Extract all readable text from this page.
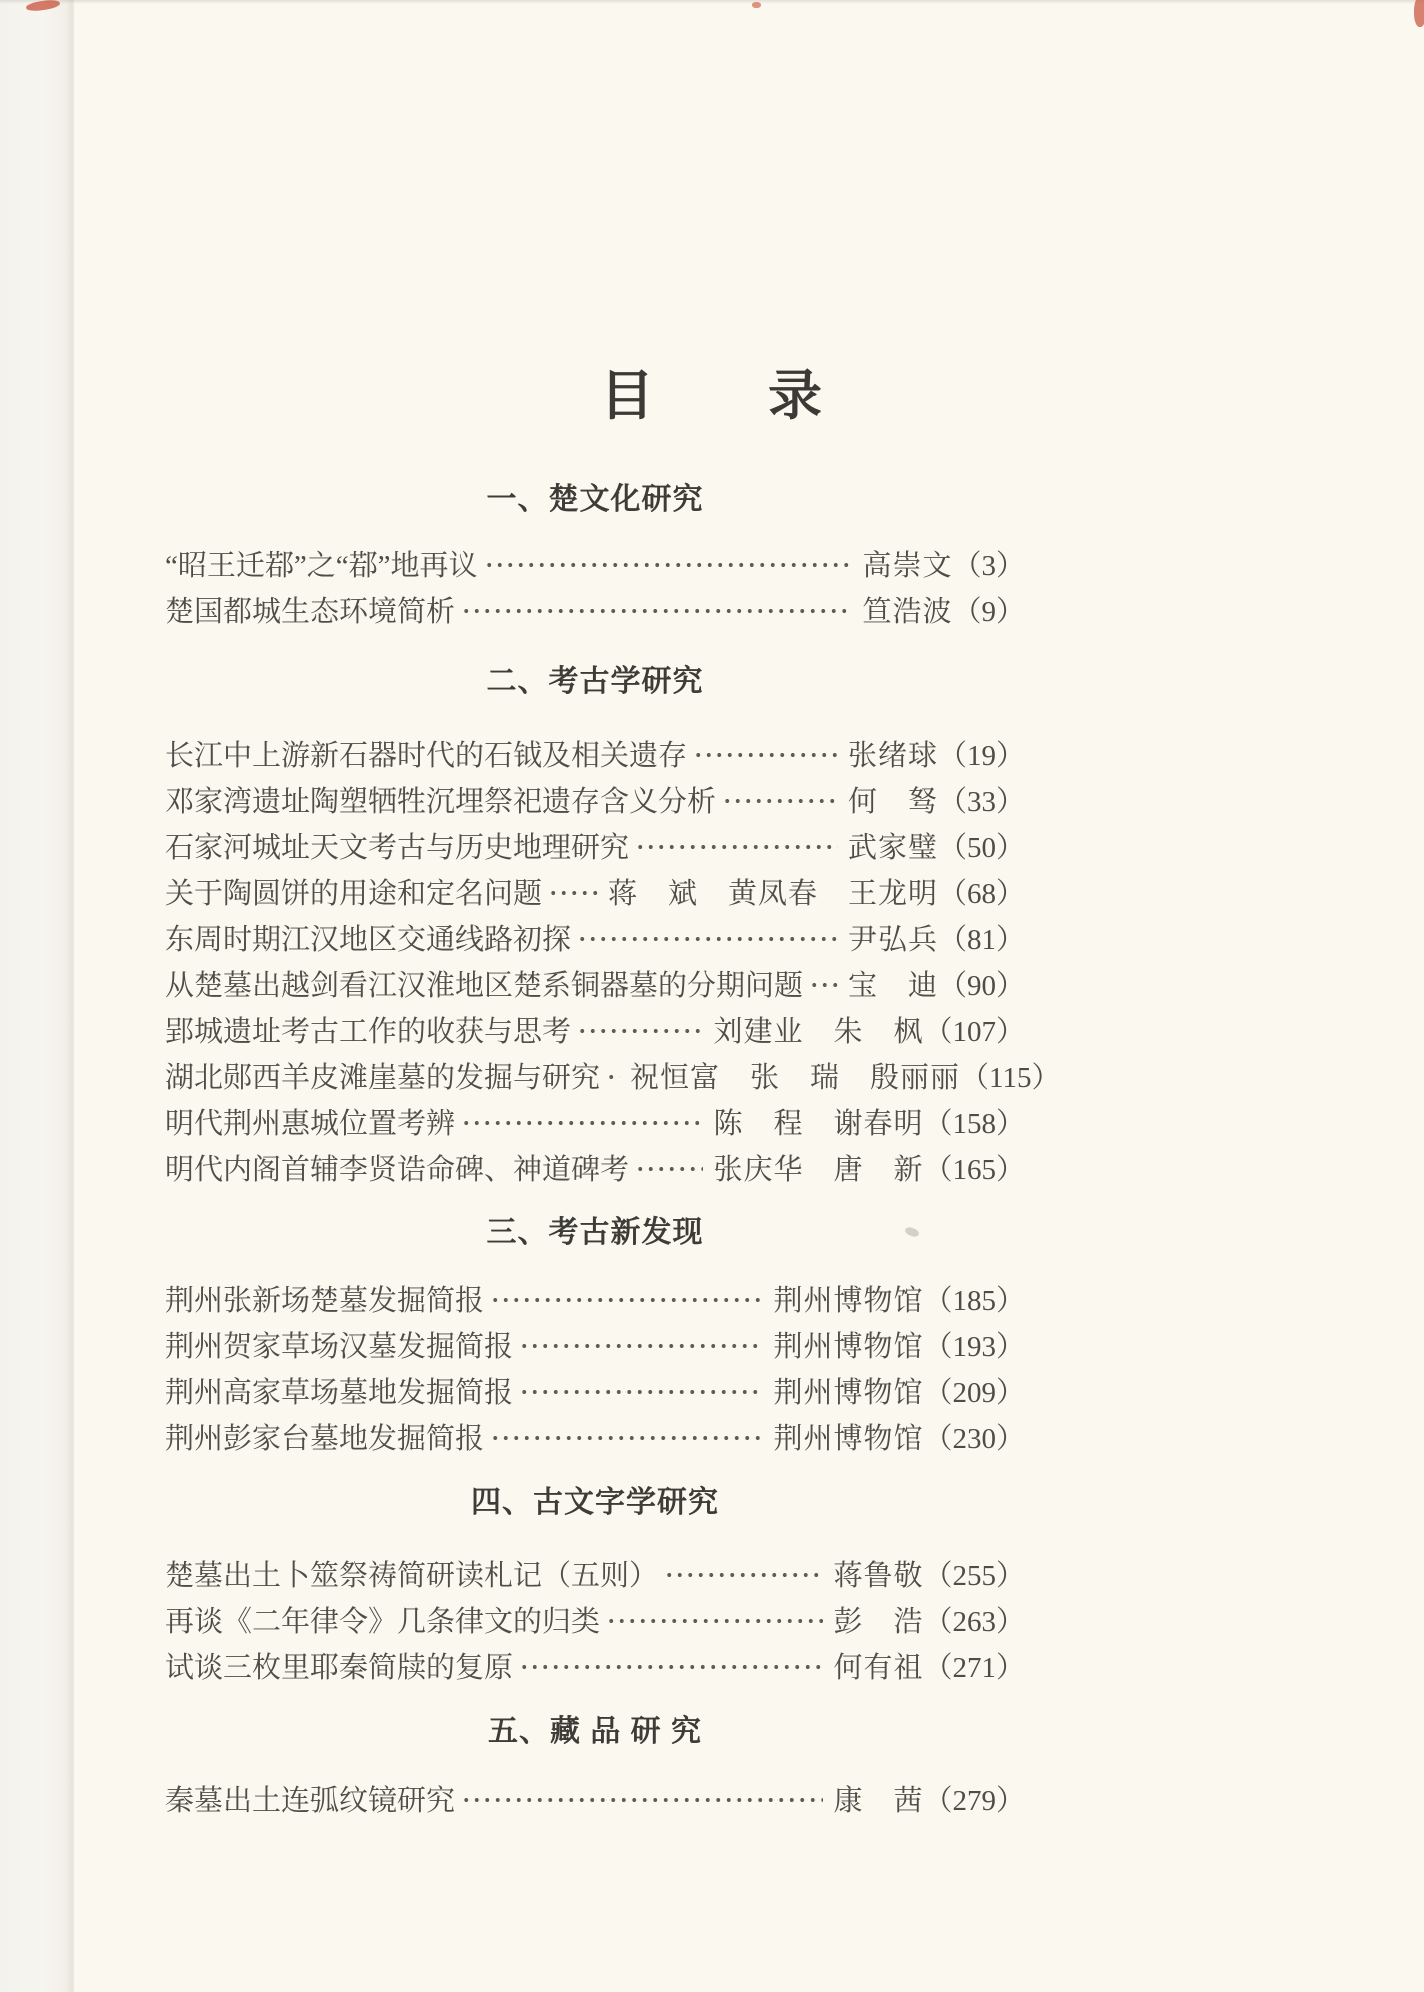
目　　录
一、楚文化研究
“昭王迁鄀”之“鄀”地再议	高崇文（3）
楚国都城生态环境简析	笪浩波（9）
二、考古学研究
长江中上游新石器时代的石钺及相关遗存	张绪球（19）
邓家湾遗址陶塑牺牲沉埋祭祀遗存含义分析	何　驽（33）
石家河城址天文考古与历史地理研究	武家璧（50）
关于陶圆饼的用途和定名问题 蒋　斌　黄凤春　王龙明（68）
东周时期江汉地区交通线路初探	尹弘兵（81）
从楚墓出越剑看江汉淮地区楚系铜器墓的分期问题 宝　迪（90）
郢城遗址考古工作的收获与思考	刘建业　朱　枫（107）
湖北郧西羊皮滩崖墓的发掘与研究 祝恒富　张　瑞　殷丽丽（115）
明代荆州惠城位置考辨	陈　程　谢春明（158）
明代内阁首辅李贤诰命碑、神道碑考	张庆华　唐　新（165）
三、考古新发现
荆州张新场楚墓发掘简报	荆州博物馆（185）
荆州贺家草场汉墓发掘简报	荆州博物馆（193）
荆州高家草场墓地发掘简报	荆州博物馆（209）
荆州彭家台墓地发掘简报	荆州博物馆（230）
四、古文字学研究
楚墓出土卜筮祭祷简研读札记（五则）	蒋鲁敬（255）
再谈《二年律令》几条律文的归类	彭　浩（263）
试谈三枚里耶秦简牍的复原	何有祖（271）
五、藏 品 研 究
秦墓出土连弧纹镜研究	康　茜（279）
